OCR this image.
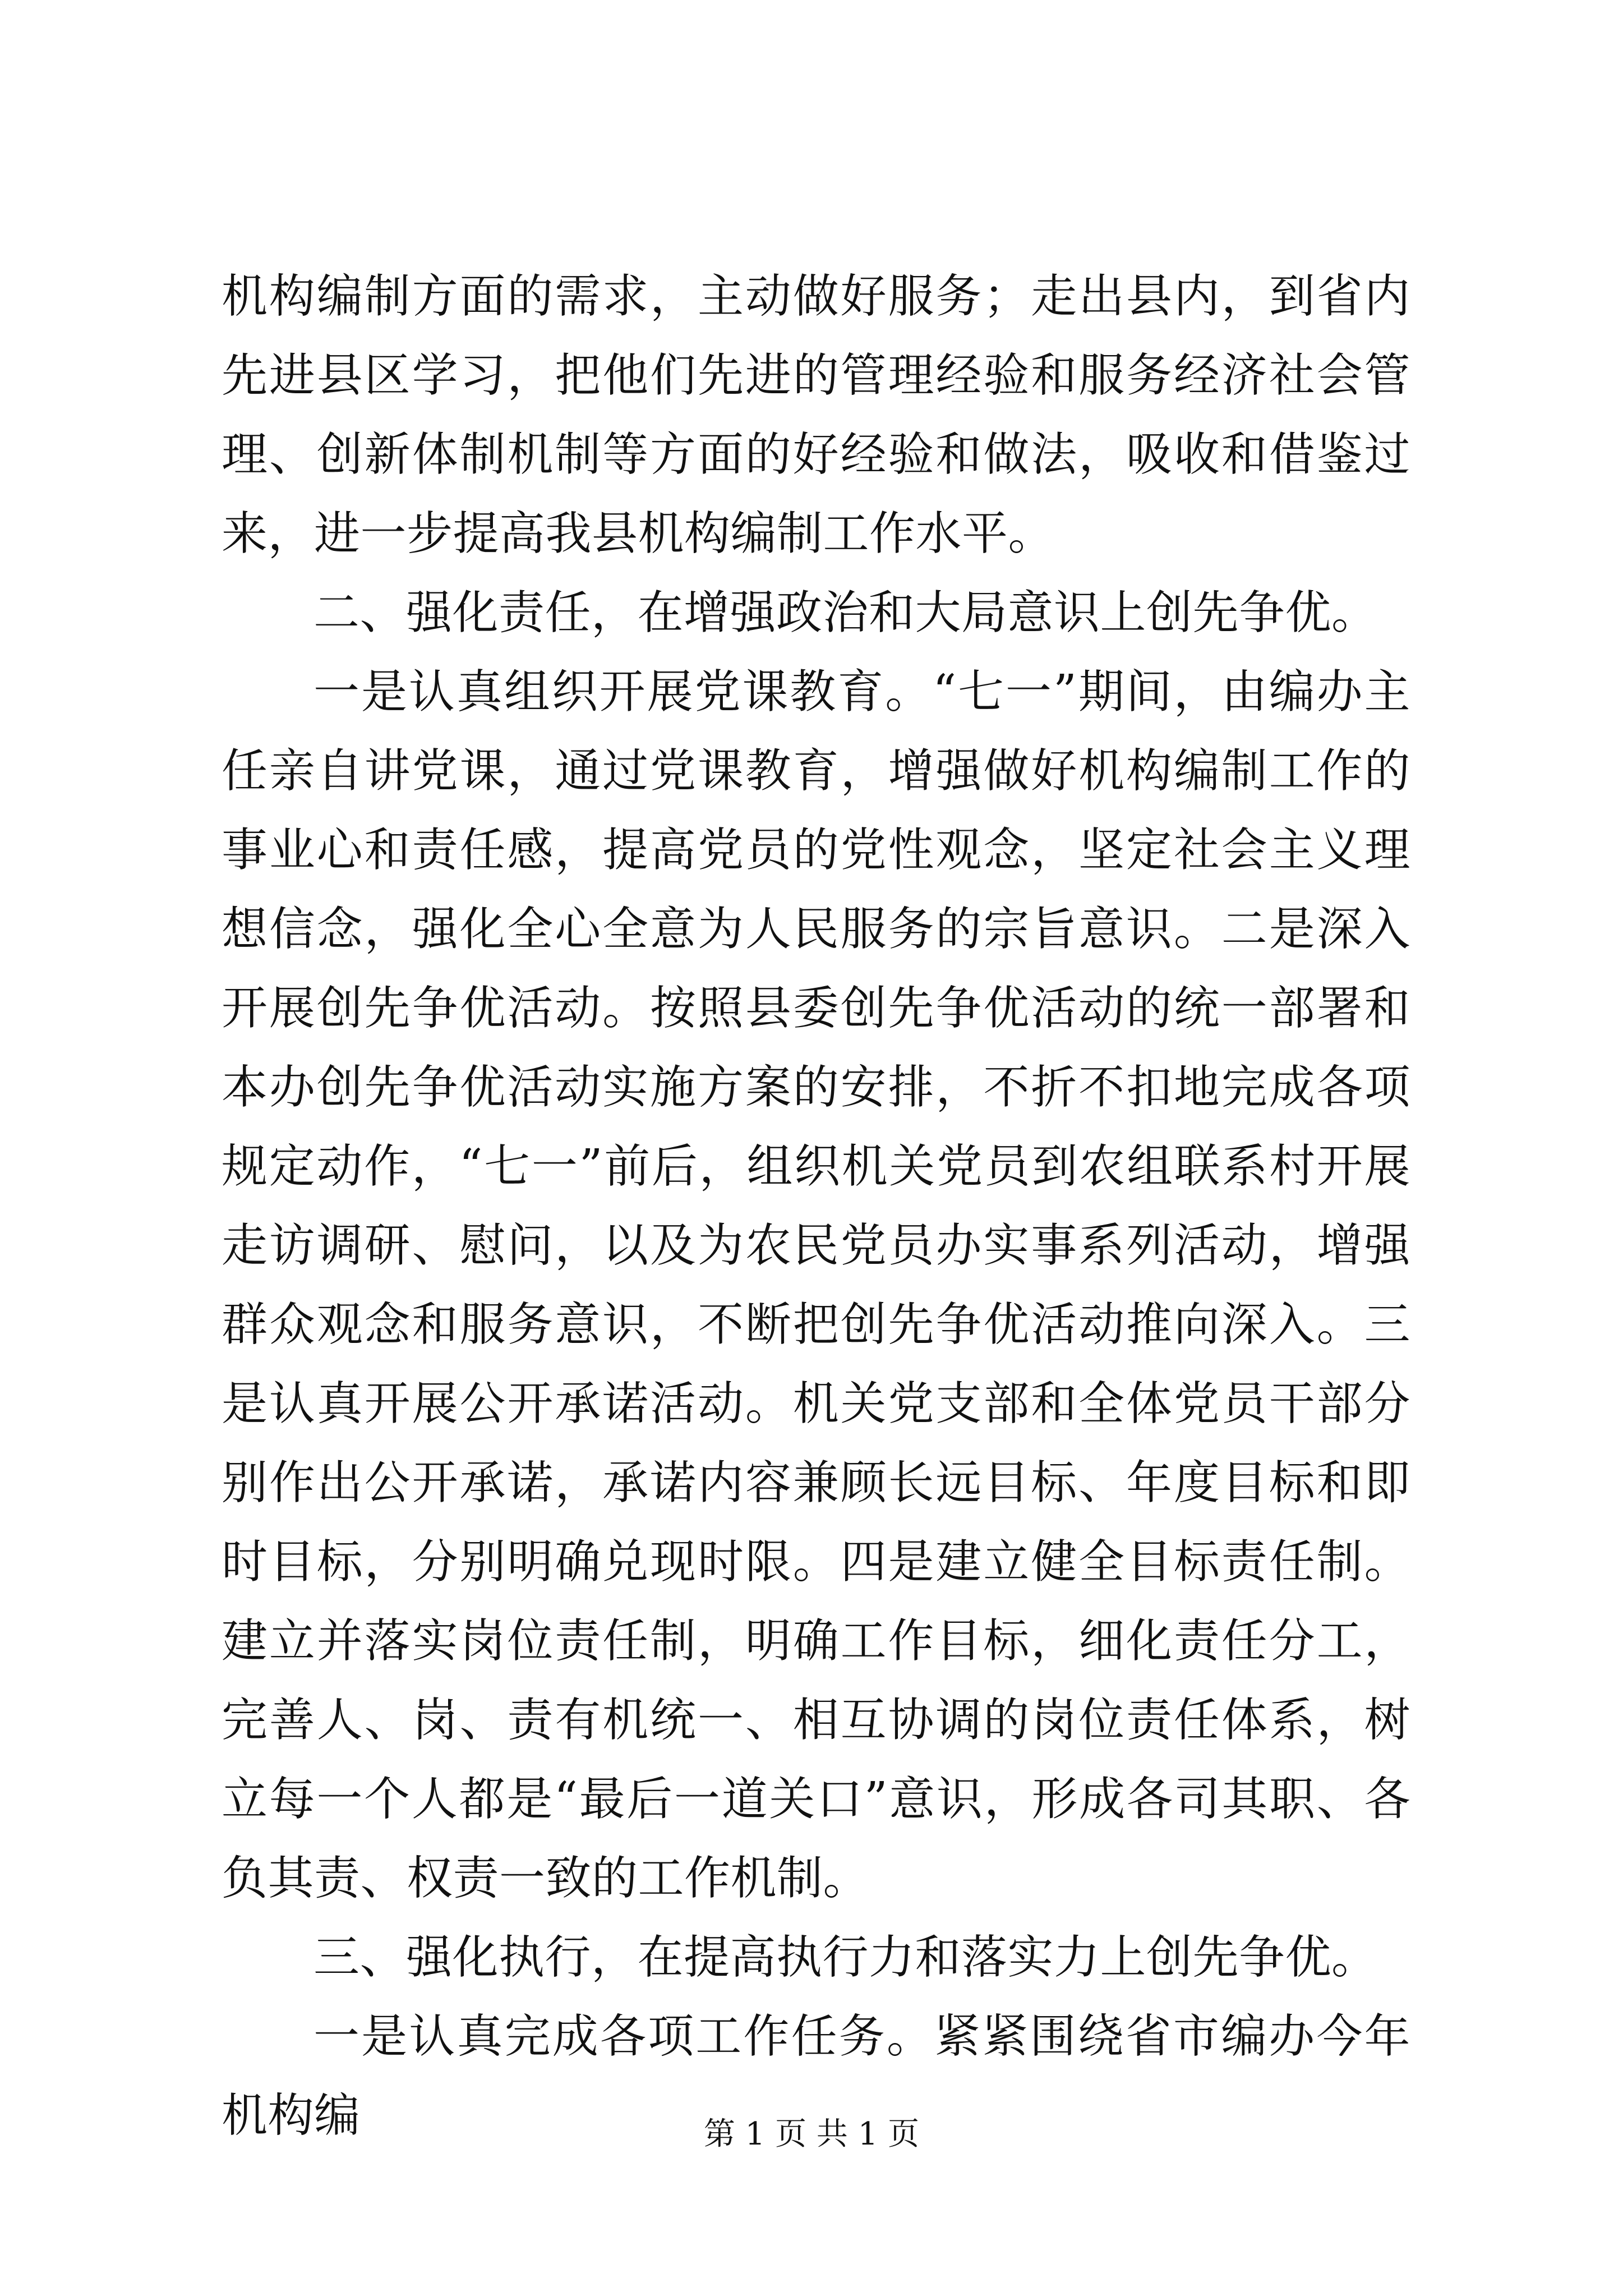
机构编制方面的需求，主动做好服务；走出县内，到省内先进县区学习，把他们先进的管理经验和服务经济社会管理、创新体制机制等方面的好经验和做法，吸收和借鉴过来，进一步提高我县机构编制工作水平。

二、强化责任，在增强政治和大局意识上创先争优。

一是认真组织开展党课教育。“七一”期间，由编办主任亲自讲党课，通过党课教育，增强做好机构编制工作的事业心和责任感，提高党员的党性观念，坚定社会主义理想信念，强化全心全意为人民服务的宗旨意识。二是深入开展创先争优活动。按照县委创先争优活动的统一部署和本办创先争优活动实施方案的安排，不折不扣地完成各项规定动作，“七一”前后，组织机关党员到农组联系村开展走访调研、慰问，以及为农民党员办实事系列活动，增强群众观念和服务意识，不断把创先争优活动推向深入。三是认真开展公开承诺活动。机关党支部和全体党员干部分别作出公开承诺，承诺内容兼顾长远目标、年度目标和即时目标，分别明确兑现时限。四是建立健全目标责任制。建立并落实岗位责任制，明确工作目标，细化责任分工，完善人、岗、责有机统一、相互协调的岗位责任体系，树立每一个人都是“最后一道关口”意识，形成各司其职、各负其责、权责一致的工作机制。

三、强化执行，在提高执行力和落实力上创先争优。

一是认真完成各项工作任务。紧紧围绕省市编办今年机构编	第 1 页 共 1 页
